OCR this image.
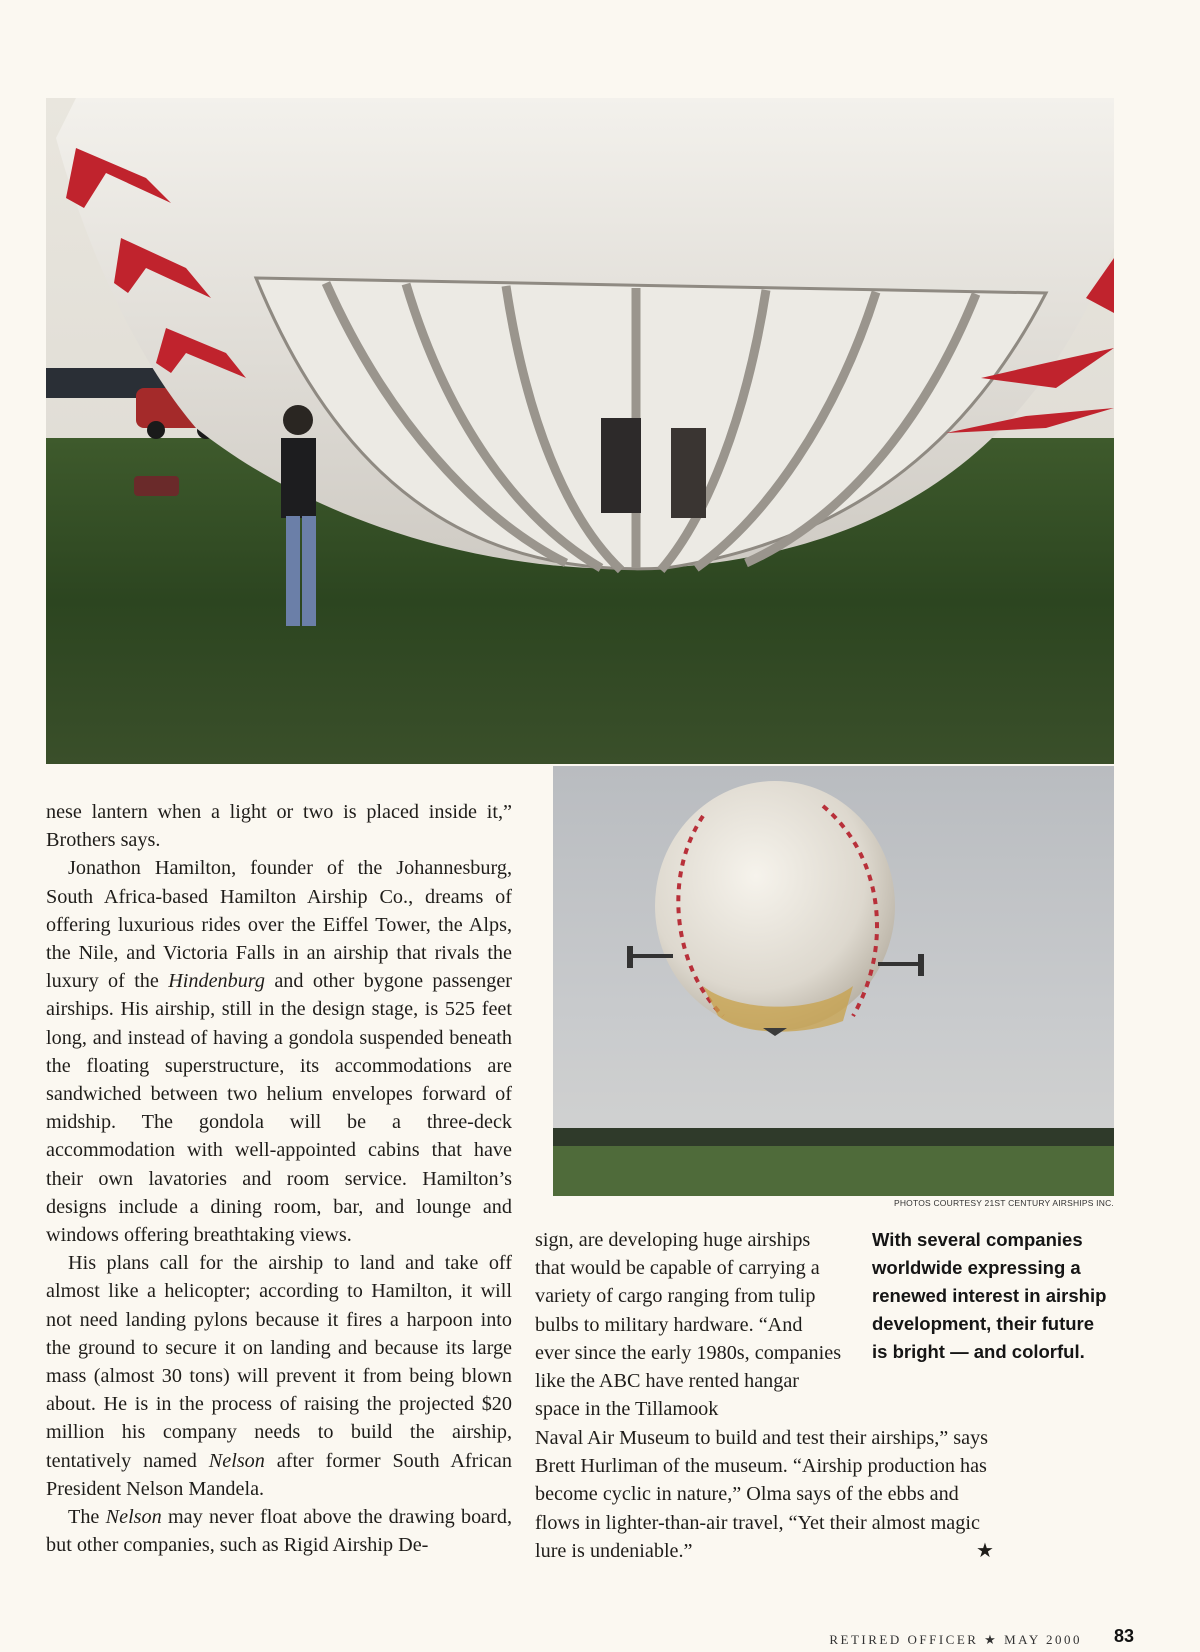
PHOTOS COURTESY 21ST CENTURY AIRSHIPS INC.

nese lantern when a light or two is placed inside it,” Brothers says.

Jonathon Hamilton, founder of the Johannesburg, South Africa-based Hamilton Airship Co., dreams of offering luxurious rides over the Eiffel Tower, the Alps, the Nile, and Victoria Falls in an airship that rivals the luxury of the Hindenburg and other bygone passenger airships. His airship, still in the design stage, is 525 feet long, and instead of having a gondola suspended beneath the floating superstructure, its accommodations are sandwiched between two helium envelopes forward of midship. The gondola will be a three-deck accommodation with well-appointed cabins that have their own lavatories and room service. Hamilton’s designs include a dining room, bar, and lounge and windows offering breathtaking views.

His plans call for the airship to land and take off almost like a helicopter; according to Hamilton, it will not need landing pylons because it fires a harpoon into the ground to secure it on landing and because its large mass (almost 30 tons) will prevent it from being blown about. He is in the process of raising the projected $20 million his company needs to build the airship, tentatively named Nelson after former South African President Nelson Mandela.

The Nelson may never float above the drawing board, but other companies, such as Rigid Airship De-

sign, are developing huge airships that would be capable of carrying a variety of cargo ranging from tulip bulbs to military hardware. “And ever since the early 1980s, companies like the ABC have rented hangar space in the Tillamook

Naval Air Museum to build and test their airships,” says Brett Hurliman of the museum. “Airship production has become cyclic in nature,” Olma says of the ebbs and flows in lighter-than-air travel, “Yet their almost magic lure is undeniable.”	★
With several companies worldwide expressing a renewed interest in airship development, their future is bright — and colorful.
RETIRED OFFICER ★ MAY 2000 83
